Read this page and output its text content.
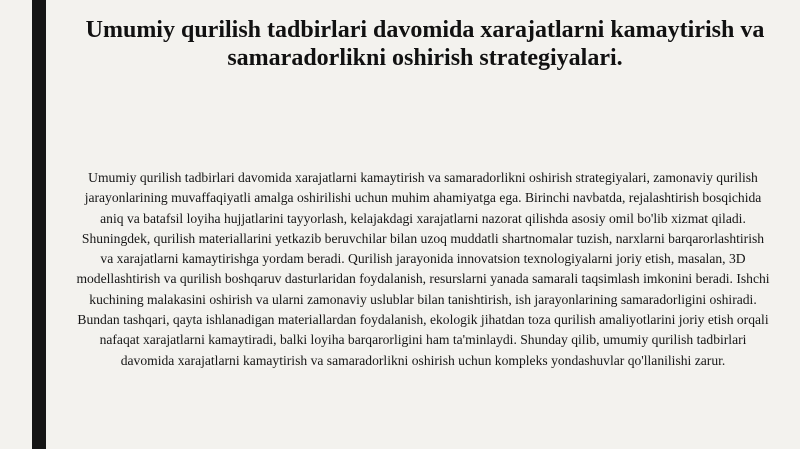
Umumiy qurilish tadbirlari davomida xarajatlarni kamaytirish va samaradorlikni oshirish strategiyalari.

Umumiy qurilish tadbirlari davomida xarajatlarni kamaytirish va samaradorlikni oshirish strategiyalari, zamonaviy qurilish jarayonlarining muvaffaqiyatli amalga oshirilishi uchun muhim ahamiyatga ega. Birinchi navbatda, rejalashtirish bosqichida aniq va batafsil loyiha hujjatlarini tayyorlash, kelajakdagi xarajatlarni nazorat qilishda asosiy omil bo'lib xizmat qiladi. Shuningdek, qurilish materiallarini yetkazib beruvchilar bilan uzoq muddatli shartnomalar tuzish, narxlarni barqarorlashtirish va xarajatlarni kamaytirishga yordam beradi. Qurilish jarayonida innovatsion texnologiyalarni joriy etish, masalan, 3D modellashtirish va qurilish boshqaruv dasturlaridan foydalanish, resurslarni yanada samarali taqsimlash imkonini beradi. Ishchi kuchining malakasini oshirish va ularni zamonaviy uslublar bilan tanishtirish, ish jarayonlarining samaradorligini oshiradi. Bundan tashqari, qayta ishlanadigan materiallardan foydalanish, ekologik jihatdan toza qurilish amaliyotlarini joriy etish orqali nafaqat xarajatlarni kamaytiradi, balki loyiha barqarorligini ham ta'minlaydi. Shunday qilib, umumiy qurilish tadbirlari davomida xarajatlarni kamaytirish va samaradorlikni oshirish uchun kompleks yondashuvlar qo'llanilishi zarur.
